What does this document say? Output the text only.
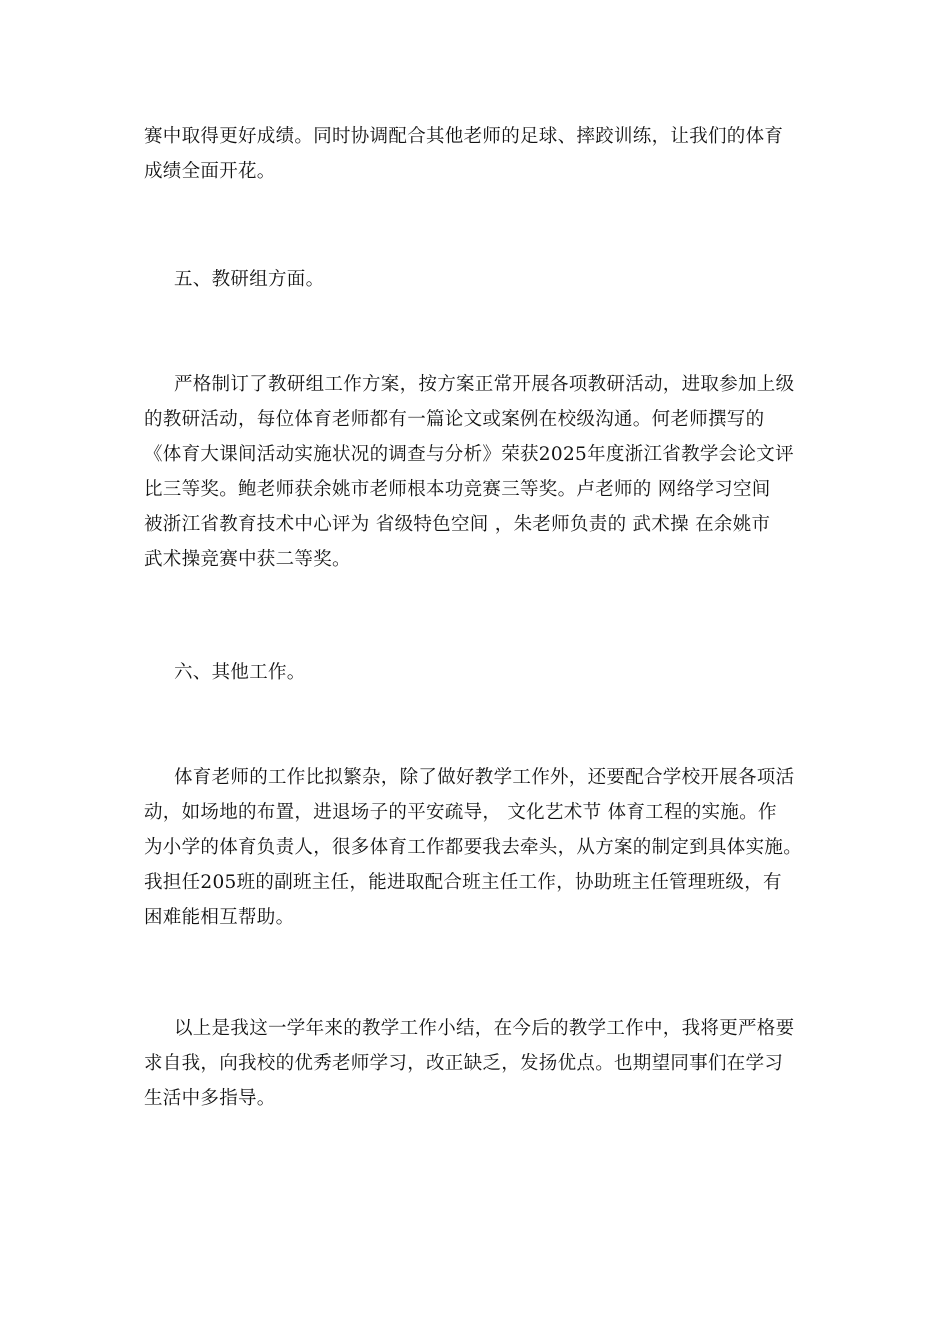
赛中取得更好成绩。同时协调配合其他老师的足球、摔跤训练，让我们的体育
成绩全面开花。

五、教研组方面。

严格制订了教研组工作方案，按方案正常开展各项教研活动，进取参加上级
的教研活动，每位体育老师都有一篇论文或案例在校级沟通。何老师撰写的
《体育大课间活动实施状况的调查与分析》荣获2025年度浙江省教学会论文评
比三等奖。鲍老师获余姚市老师根本功竞赛三等奖。卢老师的 网络学习空间
被浙江省教育技术中心评为 省级特色空间 ，朱老师负责的 武术操 在余姚市
武术操竞赛中获二等奖。

六、其他工作。

体育老师的工作比拟繁杂，除了做好教学工作外，还要配合学校开展各项活
动，如场地的布置，进退场子的平安疏导， 文化艺术节 体育工程的实施。作
为小学的体育负责人，很多体育工作都要我去牵头，从方案的制定到具体实施。
我担任205班的副班主任，能进取配合班主任工作，协助班主任管理班级，有
困难能相互帮助。

以上是我这一学年来的教学工作小结，在今后的教学工作中，我将更严格要
求自我，向我校的优秀老师学习，改正缺乏，发扬优点。也期望同事们在学习
生活中多指导。
